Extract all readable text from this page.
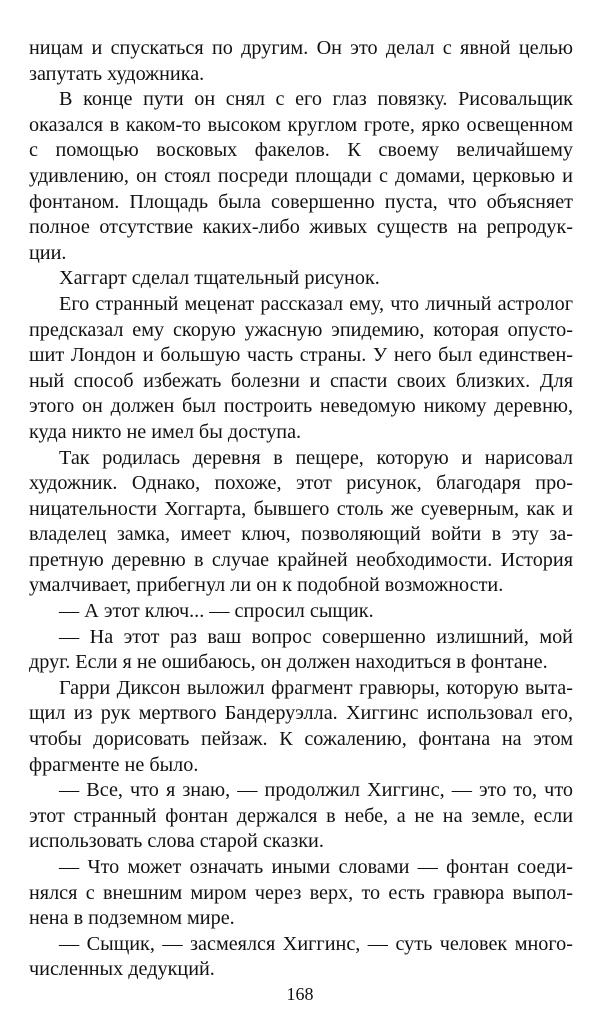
ницам и спускаться по другим. Он это делал с явной целью запутать художника.

В конце пути он снял с его глаз повязку. Рисовальщик оказался в каком-то высоком круглом гроте, ярко освещенном с помощью восковых факелов. К своему величайшему удивлению, он стоял посреди площади с домами, церковью и фонтаном. Площадь была совершенно пуста, что объясняет полное отсутствие каких-либо живых существ на репродукции.

Хаггарт сделал тщательный рисунок.

Его странный меценат рассказал ему, что личный астролог предсказал ему скорую ужасную эпидемию, которая опустошит Лондон и большую часть страны. У него был единственный способ избежать болезни и спасти своих близких. Для этого он должен был построить неведомую никому деревню, куда никто не имел бы доступа.

Так родилась деревня в пещере, которую и нарисовал художник. Однако, похоже, этот рисунок, благодаря проницательности Хоггарта, бывшего столь же суеверным, как и владелец замка, имеет ключ, позволяющий войти в эту запретную деревню в случае крайней необходимости. История умалчивает, прибегнул ли он к подобной возможности.

— А этот ключ... — спросил сыщик.

— На этот раз ваш вопрос совершенно излишний, мой друг. Если я не ошибаюсь, он должен находиться в фонтане.

Гарри Диксон выложил фрагмент гравюры, которую вытащил из рук мертвого Бандеруэлла. Хиггинс использовал его, чтобы дорисовать пейзаж. К сожалению, фонтана на этом фрагменте не было.

— Все, что я знаю, — продолжил Хиггинс, — это то, что этот странный фонтан держался в небе, а не на земле, если использовать слова старой сказки.

— Что может означать иными словами — фонтан соединялся с внешним миром через верх, то есть гравюра выполнена в подземном мире.

— Сыщик, — засмеялся Хиггинс, — суть человек многочисленных дедукций.

168
